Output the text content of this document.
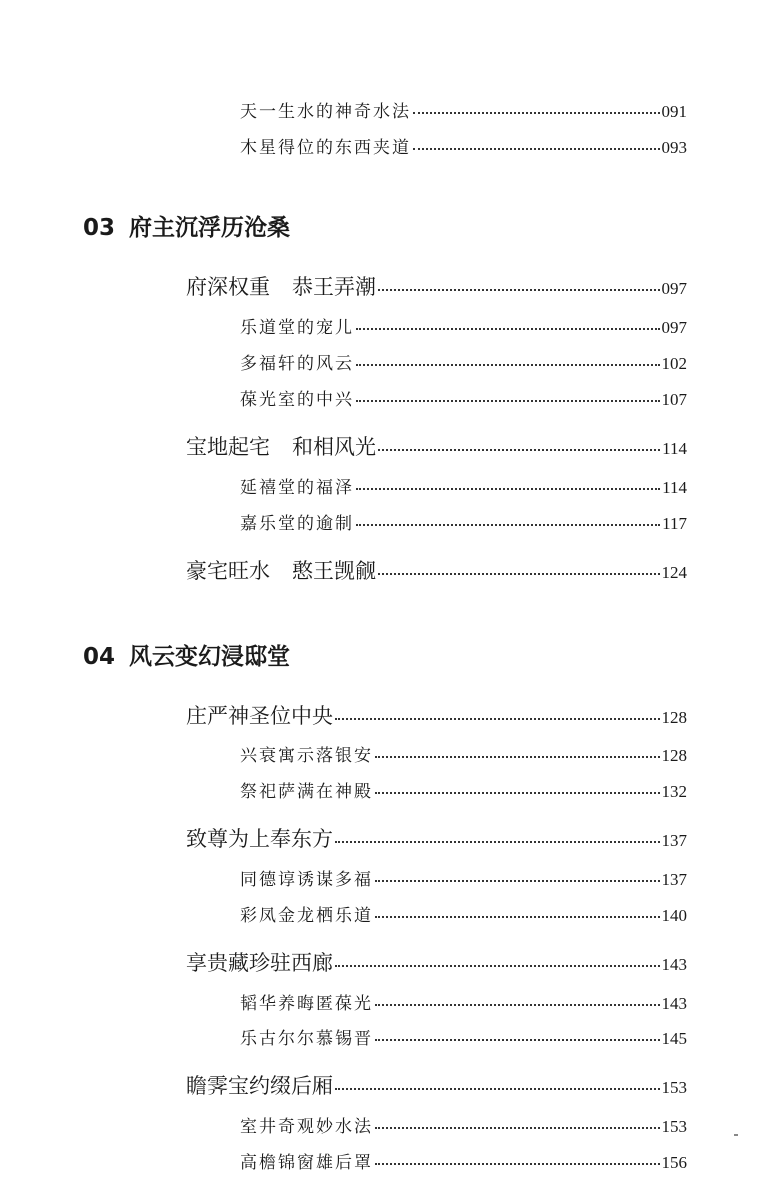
天一生水的神奇水法	091
木星得位的东西夹道	093
03 府主沉浮历沧桑
府深权重 恭王弄潮	097
乐道堂的宠儿	097
多福轩的风云	102
葆光室的中兴	107
宝地起宅 和相风光	114
延禧堂的福泽	114
嘉乐堂的逾制	117
豪宅旺水 憨王觊觎	124
04 风云变幻浸邸堂
庄严神圣位中央	128
兴衰寓示落银安	128
祭祀萨满在神殿	132
致尊为上奉东方	137
同德谆诱谋多福	137
彩凤金龙栖乐道	140
享贵藏珍驻西廊	143
韬华养晦匿葆光	143
乐古尔尔慕锡晋	145
瞻霁宝约缀后厢	153
室井奇观妙水法	153
高檐锦窗雄后罩	156
